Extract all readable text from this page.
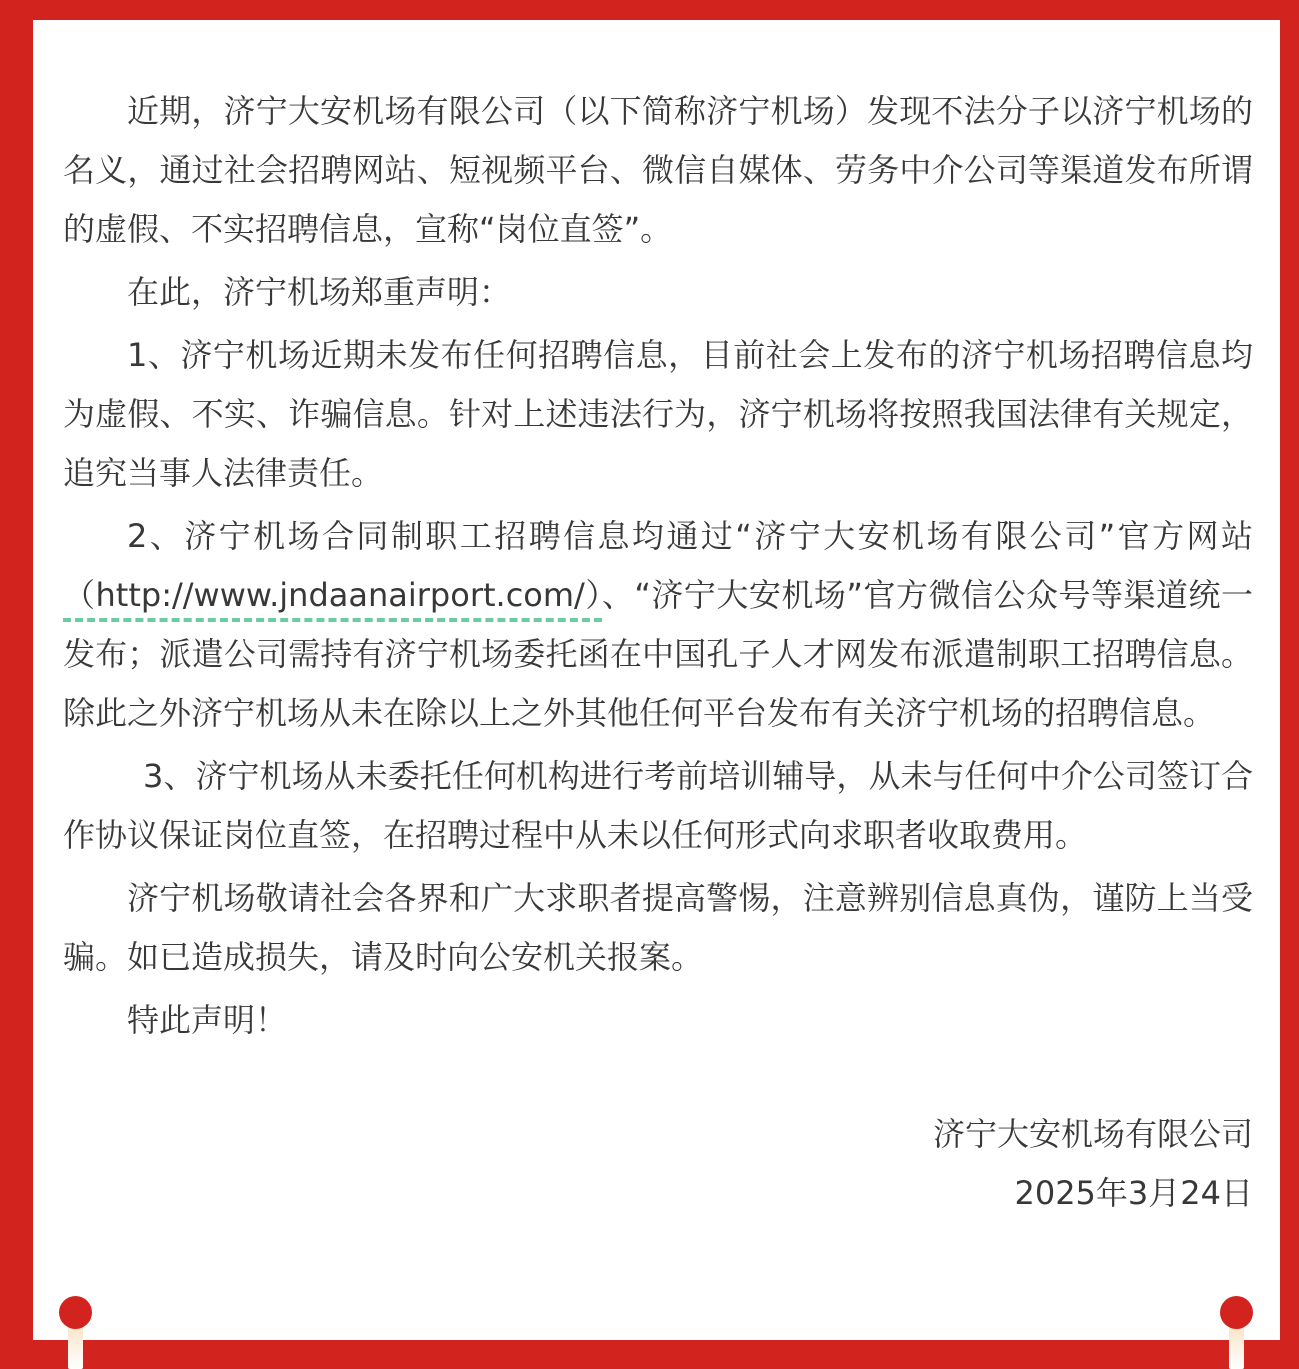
近期，济宁大安机场有限公司（以下简称济宁机场）发现不法分子以济宁机场的名义，通过社会招聘网站、短视频平台、微信自媒体、劳务中介公司等渠道发布所谓的虚假、不实招聘信息，宣称“岗位直签”。

在此，济宁机场郑重声明：

1、济宁机场近期未发布任何招聘信息，目前社会上发布的济宁机场招聘信息均为虚假、不实、诈骗信息。针对上述违法行为，济宁机场将按照我国法律有关规定，追究当事人法律责任。

2、济宁机场合同制职工招聘信息均通过“济宁大安机场有限公司”官方网站（http://www.jndaanairport.com/）、“济宁大安机场”官方微信公众号等渠道统一发布；派遣公司需持有济宁机场委托函在中国孔子人才网发布派遣制职工招聘信息。除此之外济宁机场从未在除以上之外其他任何平台发布有关济宁机场的招聘信息。

 3、济宁机场从未委托任何机构进行考前培训辅导，从未与任何中介公司签订合作协议保证岗位直签，在招聘过程中从未以任何形式向求职者收取费用。

济宁机场敬请社会各界和广大求职者提高警惕，注意辨别信息真伪，谨防上当受骗。如已造成损失，请及时向公安机关报案。

特此声明！

济宁大安机场有限公司

2025年3月24日
